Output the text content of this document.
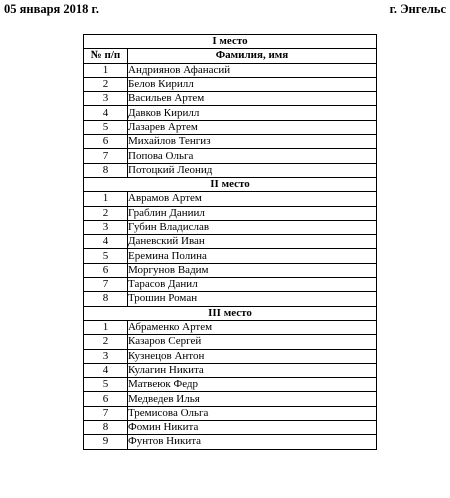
05 января 2018 г.	г. Энгельс
I место	
№ п/п	Фамилия, имя
1	Андриянов Афанасий
2	Белов Кирилл
3	Васильев Артем
4	Давков Кирилл
5	Лазарев Артем
6	Михайлов Тенгиз
7	Попова Ольга
8	Потоцкий Леонид
II место	
1	Аврамов Артем
2	Граблин Даниил
3	Губин Владислав
4	Даневский Иван
5	Еремина Полина
6	Моргунов Вадим
7	Тарасов Данил
8	Трошин Роман
III место	
1	Абраменко Артем
2	Казаров Сергей
3	Кузнецов Антон
4	Кулагин Никита
5	Матвеюк Федр
6	Медведев Илья
7	Тремисова Ольга
8	Фомин Никита
9	Фунтов Никита
